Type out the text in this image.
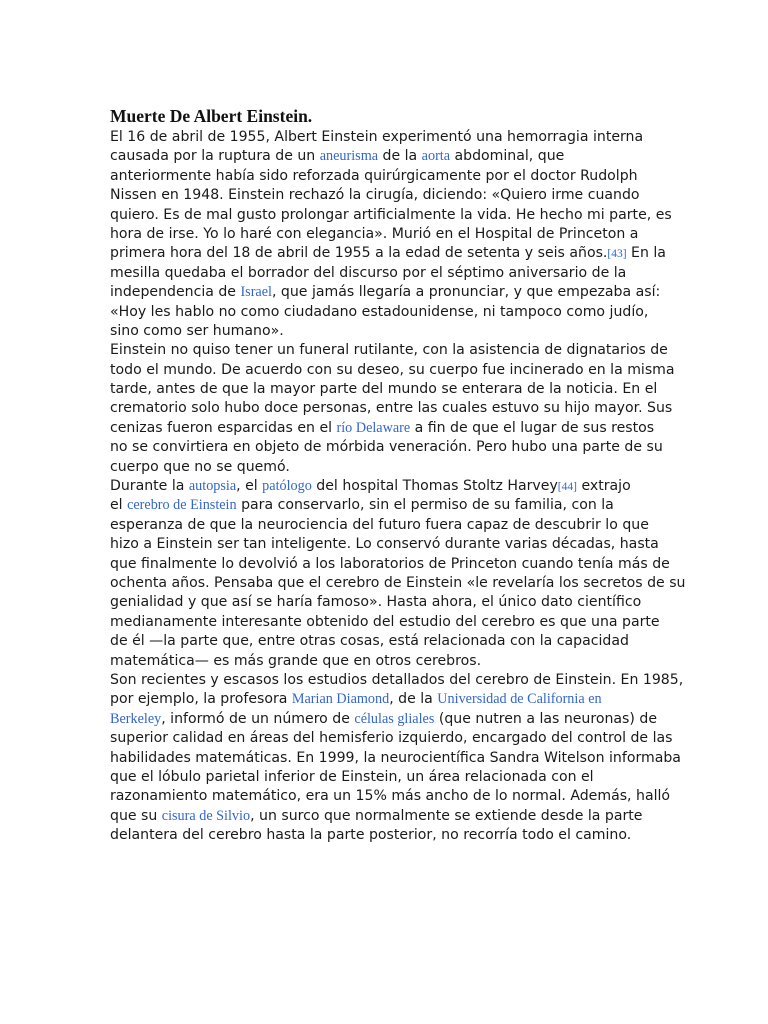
Muerte De Albert Einstein.

El 16 de abril de 1955, Albert Einstein experimentó una hemorragia interna
causada por la ruptura de un aneurisma de la aorta abdominal, que
anteriormente había sido reforzada quirúrgicamente por el doctor Rudolph
Nissen en 1948. Einstein rechazó la cirugía, diciendo: «Quiero irme cuando
quiero. Es de mal gusto prolongar artificialmente la vida. He hecho mi parte, es
hora de irse. Yo lo haré con elegancia». Murió en el Hospital de Princeton a
primera hora del 18 de abril de 1955 a la edad de setenta y seis años.[43] En la
mesilla quedaba el borrador del discurso por el séptimo aniversario de la
independencia de Israel, que jamás llegaría a pronunciar, y que empezaba así:
«Hoy les hablo no como ciudadano estadounidense, ni tampoco como judío,
sino como ser humano».

Einstein no quiso tener un funeral rutilante, con la asistencia de dignatarios de
todo el mundo. De acuerdo con su deseo, su cuerpo fue incinerado en la misma
tarde, antes de que la mayor parte del mundo se enterara de la noticia. En el
crematorio solo hubo doce personas, entre las cuales estuvo su hijo mayor. Sus
cenizas fueron esparcidas en el río Delaware a fin de que el lugar de sus restos
no se convirtiera en objeto de mórbida veneración. Pero hubo una parte de su
cuerpo que no se quemó.

Durante la autopsia, el patólogo del hospital Thomas Stoltz Harvey[44] extrajo
el cerebro de Einstein para conservarlo, sin el permiso de su familia, con la
esperanza de que la neurociencia del futuro fuera capaz de descubrir lo que
hizo a Einstein ser tan inteligente. Lo conservó durante varias décadas, hasta
que finalmente lo devolvió a los laboratorios de Princeton cuando tenía más de
ochenta años. Pensaba que el cerebro de Einstein «le revelaría los secretos de su
genialidad y que así se haría famoso». Hasta ahora, el único dato científico
medianamente interesante obtenido del estudio del cerebro es que una parte
de él —la parte que, entre otras cosas, está relacionada con la capacidad
matemática— es más grande que en otros cerebros.

Son recientes y escasos los estudios detallados del cerebro de Einstein. En 1985,
por ejemplo, la profesora Marian Diamond, de la Universidad de California en
Berkeley, informó de un número de células gliales (que nutren a las neuronas) de
superior calidad en áreas del hemisferio izquierdo, encargado del control de las
habilidades matemáticas. En 1999, la neurocientífica Sandra Witelson informaba
que el lóbulo parietal inferior de Einstein, un área relacionada con el
razonamiento matemático, era un 15% más ancho de lo normal. Además, halló
que su cisura de Silvio, un surco que normalmente se extiende desde la parte
delantera del cerebro hasta la parte posterior, no recorría todo el camino.
